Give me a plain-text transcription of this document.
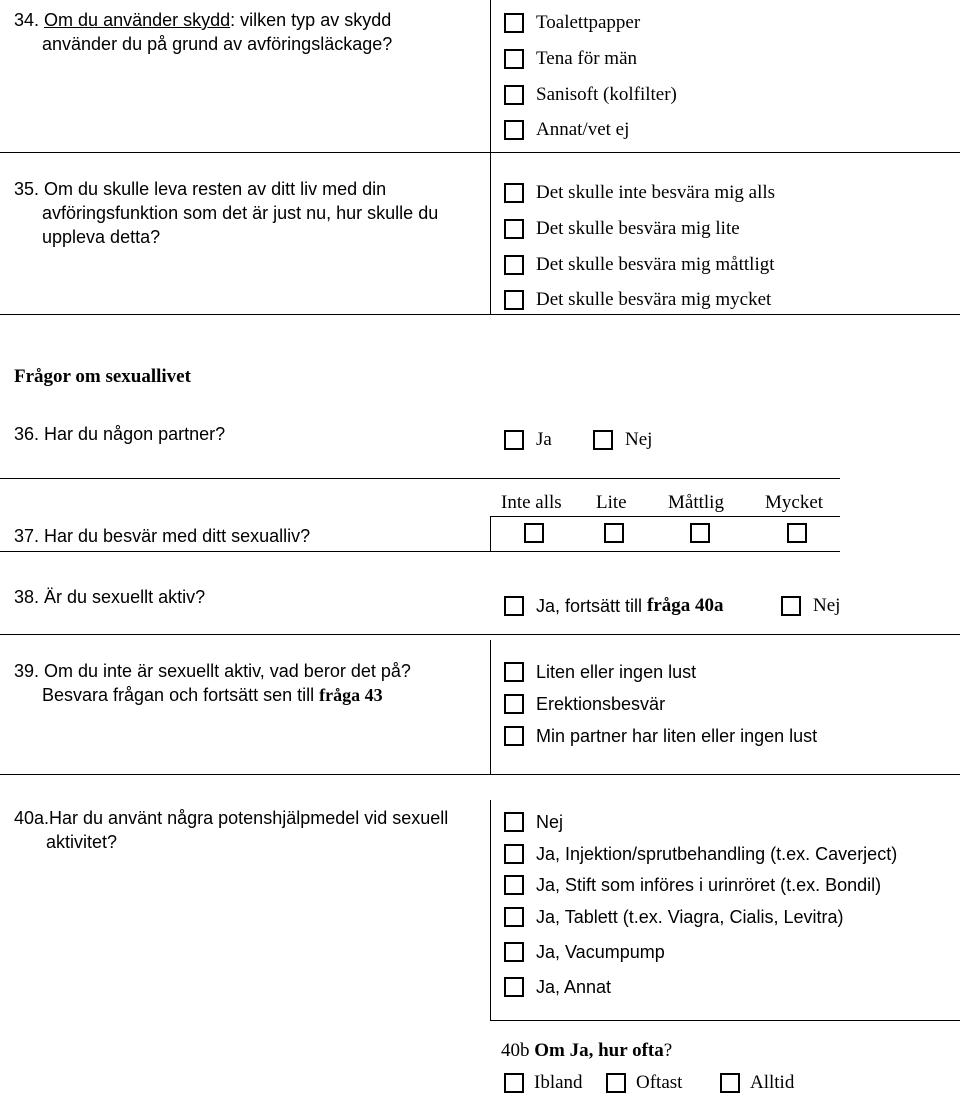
34. Om du använder skydd: vilken typ av skydd
använder du på grund av avföringsläckage?
Toalettpapper
Tena för män
Sanisoft (kolfilter)
Annat/vet ej
35. Om du skulle leva resten av ditt liv med din
avföringsfunktion som det är just nu, hur skulle du
uppleva detta?
Det skulle inte besvära mig alls
Det skulle besvära mig lite
Det skulle besvära mig måttligt
Det skulle besvära mig mycket
Frågor om sexuallivet
36. Har du någon partner?	Ja	Nej
Inte alls Lite Måttlig Mycket
37. Har du besvär med ditt sexualliv?
38. Är du sexuellt aktiv?	Ja, fortsätt till fråga 40a	Nej
39. Om du inte är sexuellt aktiv, vad beror det på?
Besvara frågan och fortsätt sen till fråga 43
Liten eller ingen lust
Erektionsbesvär
Min partner har liten eller ingen lust
40a.Har du använt några potenshjälpmedel vid sexuell
aktivitet?
Nej
Ja, Injektion/sprutbehandling (t.ex. Caverject)
Ja, Stift som införes i urinröret (t.ex. Bondil)
Ja, Tablett (t.ex. Viagra, Cialis, Levitra)
Ja, Vacumpump
Ja, Annat
40b Om Ja, hur ofta?
Ibland	Oftast	Alltid
